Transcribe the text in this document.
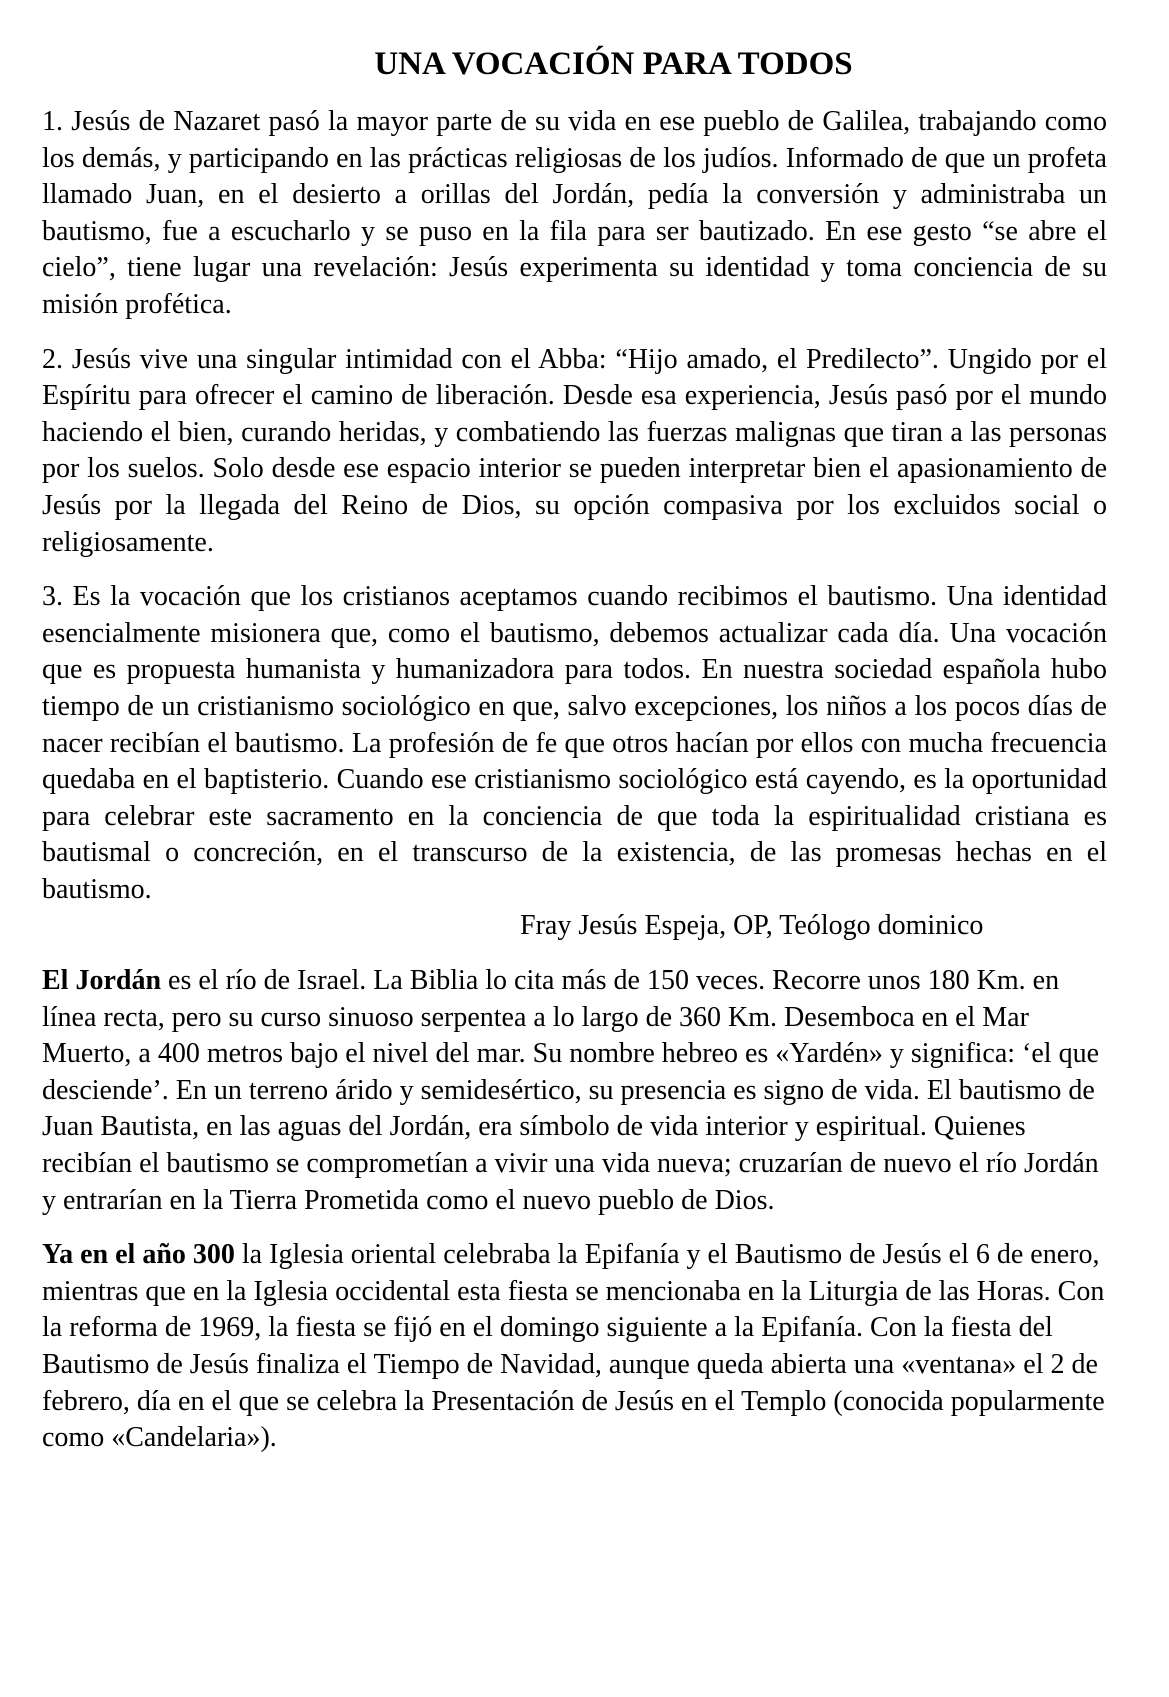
UNA VOCACIÓN PARA TODOS

1. Jesús de Nazaret pasó la mayor parte de su vida en ese pueblo de Galilea, trabajando como los demás, y participando en las prácticas religiosas de los judíos. Informado de que un profeta llamado Juan, en el desierto a orillas del Jordán, pedía la conversión y administraba un bautismo, fue a escucharlo y se puso en la fila para ser bautizado. En ese gesto “se abre el cielo”, tiene lugar una revelación: Jesús experimenta su identidad y toma conciencia de su misión profética.

2. Jesús vive una singular intimidad con el Abba: “Hijo amado, el Predilecto”. Ungido por el Espíritu para ofrecer el camino de liberación. Desde esa experiencia, Jesús pasó por el mundo haciendo el bien, curando heridas, y combatiendo las fuerzas malignas que tiran a las personas por los suelos. Solo desde ese espacio interior se pueden interpretar bien el apasionamiento de Jesús por la llegada del Reino de Dios, su opción compasiva por los excluidos social o religiosamente.

3. Es la vocación que los cristianos aceptamos cuando recibimos el bautismo. Una identidad esencialmente misionera que, como el bautismo, debemos actualizar cada día. Una vocación que es propuesta humanista y humanizadora para todos. En nuestra sociedad española hubo tiempo de un cristianismo sociológico en que, salvo excepciones, los niños a los pocos días de nacer recibían el bautismo. La profesión de fe que otros hacían por ellos con mucha frecuencia quedaba en el baptisterio. Cuando ese cristianismo sociológico está cayendo, es la oportunidad para celebrar este sacramento en la conciencia de que toda la espiritualidad cristiana es bautismal o concreción, en el transcurso de la existencia, de las promesas hechas en el bautismo.

Fray Jesús Espeja, OP, Teólogo dominico

El Jordán es el río de Israel. La Biblia lo cita más de 150 veces. Recorre unos 180 Km. en línea recta, pero su curso sinuoso serpentea a lo largo de 360 Km. Desemboca en el Mar Muerto, a 400 metros bajo el nivel del mar. Su nombre hebreo es «Yardén» y significa: ‘el que desciende’. En un terreno árido y semidesértico, su presencia es signo de vida. El bautismo de Juan Bautista, en las aguas del Jordán, era símbolo de vida interior y espiritual. Quienes recibían el bautismo se comprometían a vivir una vida nueva; cruzarían de nuevo el río Jordán y entrarían en la Tierra Prometida como el nuevo pueblo de Dios.

Ya en el año 300 la Iglesia oriental celebraba la Epifanía y el Bautismo de Jesús el 6 de enero, mientras que en la Iglesia occidental esta fiesta se mencionaba en la Liturgia de las Horas. Con la reforma de 1969, la fiesta se fijó en el domingo siguiente a la Epifanía. Con la fiesta del Bautismo de Jesús finaliza el Tiempo de Navidad, aunque queda abierta una «ventana» el 2 de febrero, día en el que se celebra la Presentación de Jesús en el Templo (conocida popularmente como «Candelaria»).
